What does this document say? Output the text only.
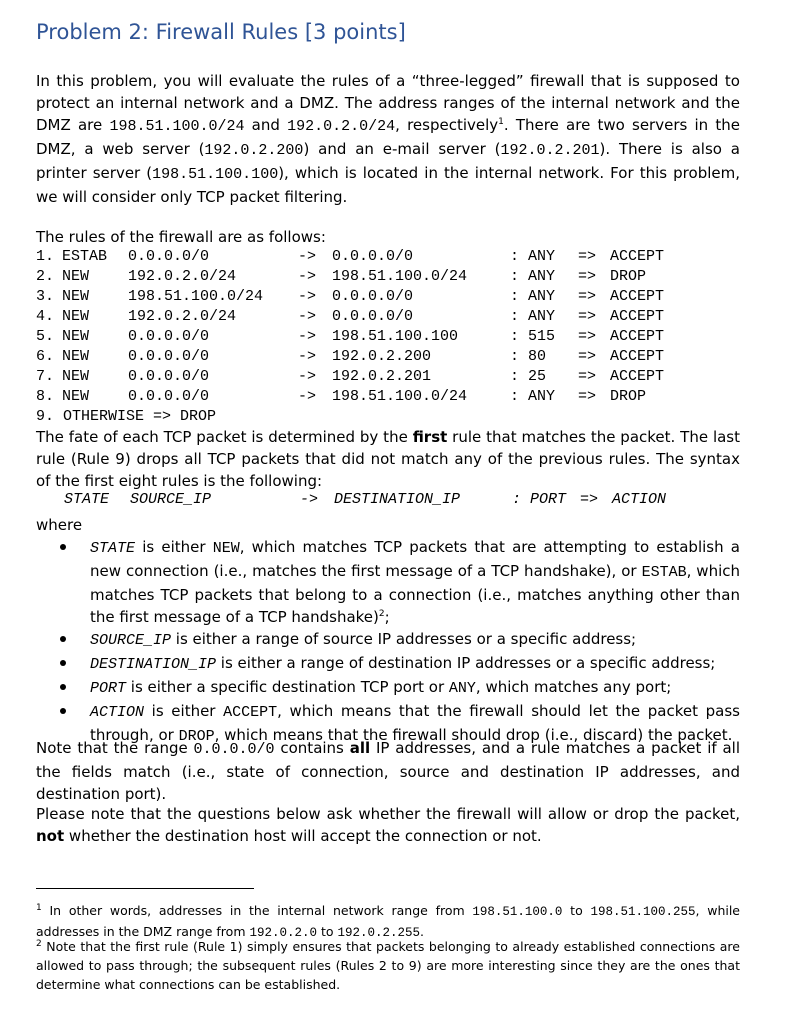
Problem 2: Firewall Rules [3 points]
In this problem, you will evaluate the rules of a “three-legged” firewall that is supposed to protect an internal network and a DMZ. The address ranges of the internal network and the DMZ are 198.51.100.0/24 and 192.0.2.0/24, respectively$^1$. There are two servers in the DMZ, a web server (192.0.2.200) and an e-mail server (192.0.2.201). There is also a printer server (198.51.100.100), which is located in the internal network. For this problem, we will consider only TCP packet filtering.
The rules of the firewall are as follows:
1. ESTAB 0.0.0.0/0	-> 0.0.0.0/0	: ANY => ACCEPT
2. NEW	192.0.2.0/24	-> 198.51.100.0/24	: ANY => DROP
3. NEW	198.51.100.0/24 -> 0.0.0.0/0	: ANY => ACCEPT
4. NEW	192.0.2.0/24	-> 0.0.0.0/0	: ANY => ACCEPT
5. NEW	0.0.0.0/0	-> 198.51.100.100	: 515 => ACCEPT
6. NEW	0.0.0.0/0	-> 192.0.2.200	: 80 => ACCEPT
7. NEW	0.0.0.0/0	-> 192.0.2.201	: 25 => ACCEPT
8. NEW	0.0.0.0/0	-> 198.51.100.0/24	: ANY => DROP
9. OTHERWISE => DROP
The fate of each TCP packet is determined by the first rule that matches the packet. The last rule (Rule 9) drops all TCP packets that did not match any of the previous rules. The syntax of the first eight rules is the following:
STATE SOURCE_IP	-> DESTINATION_IP	: PORT => ACTION
where
STATE is either NEW, which matches TCP packets that are attempting to establish a new connection (i.e., matches the first message of a TCP handshake), or ESTAB, which matches TCP packets that belong to a connection (i.e., matches anything other than the first message of a TCP handshake)$^2$;
SOURCE_IP is either a range of source IP addresses or a specific address;
DESTINATION_IP is either a range of destination IP addresses or a specific address;
PORT is either a specific destination TCP port or ANY, which matches any port;
ACTION is either ACCEPT, which means that the firewall should let the packet pass through, or DROP, which means that the firewall should drop (i.e., discard) the packet.
Note that the range 0.0.0.0/0 contains all IP addresses, and a rule matches a packet if all the fields match (i.e., state of connection, source and destination IP addresses, and destination port).
Please note that the questions below ask whether the firewall will allow or drop the packet, not whether the destination host will accept the connection or not.
$^1$ In other words, addresses in the internal network range from 198.51.100.0 to 198.51.100.255, while addresses in the DMZ range from 192.0.2.0 to 192.0.2.255.
$^2$ Note that the first rule (Rule 1) simply ensures that packets belonging to already established connections are allowed to pass through; the subsequent rules (Rules 2 to 9) are more interesting since they are the ones that determine what connections can be established.
